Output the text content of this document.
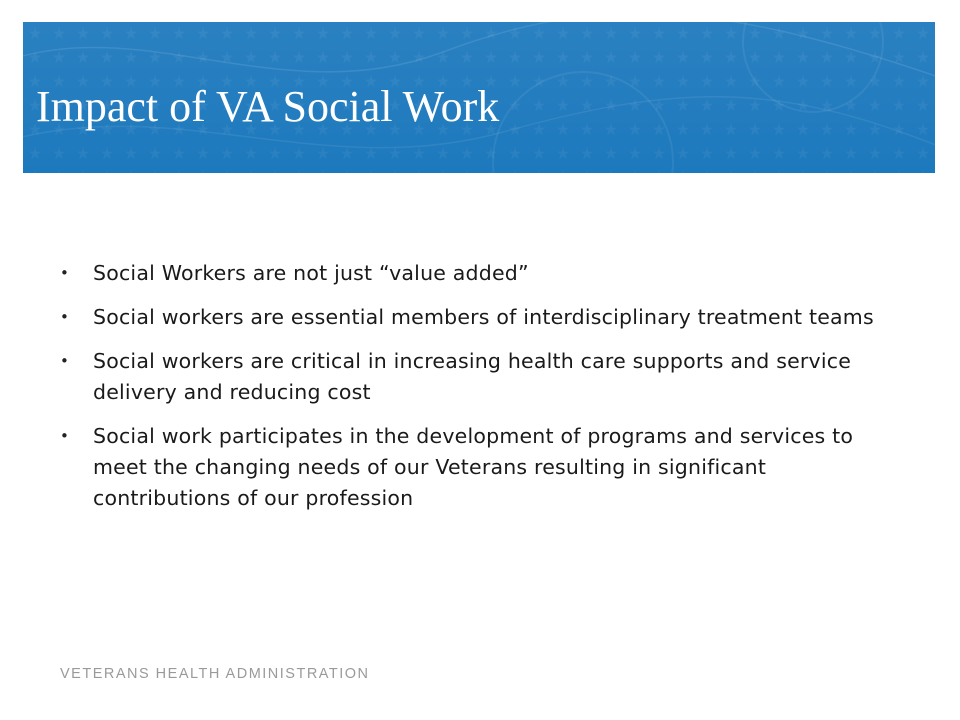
Impact of VA Social Work
•	Social Workers are not just “value added”
•	Social workers are essential members of interdisciplinary treatment teams
•	Social workers are critical in increasing health care supports and service delivery and reducing cost
•	Social work participates in the development of programs and services to meet the changing needs of our Veterans resulting in significant contributions of our profession

VETERANS HEALTH ADMINISTRATION
